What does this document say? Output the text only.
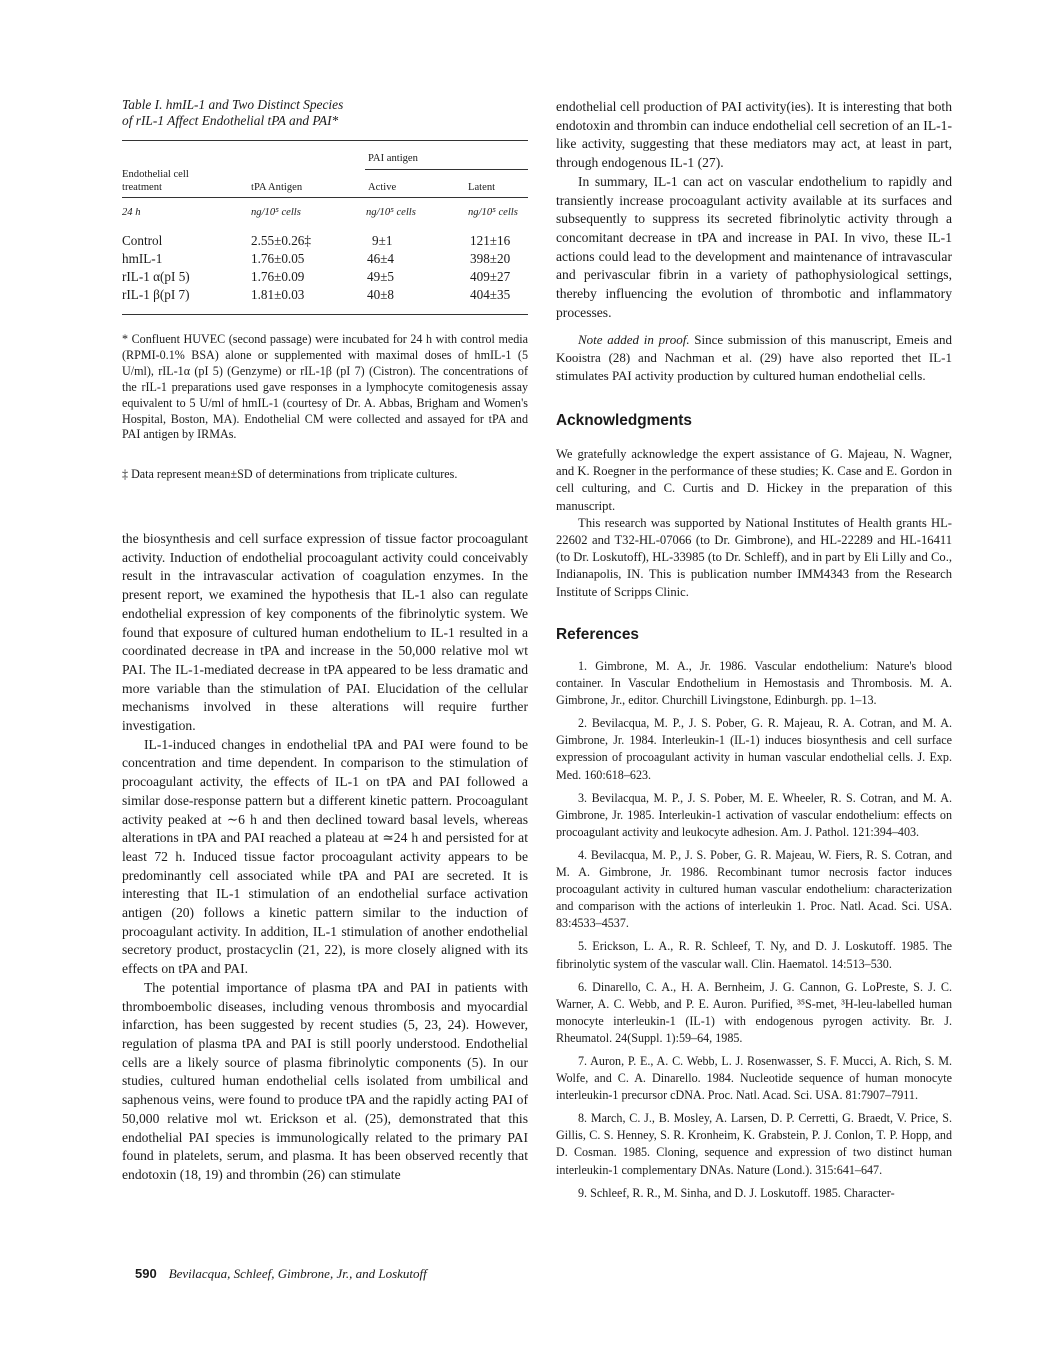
Table I. hmIL-1 and Two Distinct Species
of rIL-1 Affect Endothelial tPA and PAI*
Endothelial cell
treatment	tPA Antigen
PAI antigen
Active	Latent
24 h	ng/10⁵ cells	ng/10⁵ cells	ng/10⁵ cells
Control	2.55±0.26‡	9±1	121±16
hmIL-1	1.76±0.05	46±4	398±20
rIL-1 α(pI 5)	1.76±0.09	49±5	409±27
rIL-1 β(pI 7)	1.81±0.03	40±8	404±35
* Confluent HUVEC (second passage) were incubated for 24 h with control media (RPMI-0.1% BSA) alone or supplemented with maximal doses of hmIL-1 (5 U/ml), rIL-1α (pI 5) (Genzyme) or rIL-1β (pI 7) (Cistron). The concentrations of the rIL-1 preparations used gave responses in a lymphocyte comitogenesis assay equivalent to 5 U/ml of hmIL-1 (courtesy of Dr. A. Abbas, Brigham and Women's Hospital, Boston, MA). Endothelial CM were collected and assayed for tPA and PAI antigen by IRMAs.
‡ Data represent mean±SD of determinations from triplicate cultures.

the biosynthesis and cell surface expression of tissue factor procoagulant activity. Induction of endothelial procoagulant activity could conceivably result in the intravascular activation of coagulation enzymes. In the present report, we examined the hypothesis that IL-1 also can regulate endothelial expression of key components of the fibrinolytic system. We found that exposure of cultured human endothelium to IL-1 resulted in a coordinated decrease in tPA and increase in the 50,000 relative mol wt PAI. The IL-1-mediated decrease in tPA appeared to be less dramatic and more variable than the stimulation of PAI. Elucidation of the cellular mechanisms involved in these alterations will require further investigation.

IL-1-induced changes in endothelial tPA and PAI were found to be concentration and time dependent. In comparison to the stimulation of procoagulant activity, the effects of IL-1 on tPA and PAI followed a similar dose-response pattern but a different kinetic pattern. Procoagulant activity peaked at ∼6 h and then declined toward basal levels, whereas alterations in tPA and PAI reached a plateau at ≃24 h and persisted for at least 72 h. Induced tissue factor procoagulant activity appears to be predominantly cell associated while tPA and PAI are secreted. It is interesting that IL-1 stimulation of an endothelial surface activation antigen (20) follows a kinetic pattern similar to the induction of procoagulant activity. In addition, IL-1 stimulation of another endothelial secretory product, prostacyclin (21, 22), is more closely aligned with its effects on tPA and PAI.

The potential importance of plasma tPA and PAI in patients with thromboembolic diseases, including venous thrombosis and myocardial infarction, has been suggested by recent studies (5, 23, 24). However, regulation of plasma tPA and PAI is still poorly understood. Endothelial cells are a likely source of plasma fibrinolytic components (5). In our studies, cultured human endothelial cells isolated from umbilical and saphenous veins, were found to produce tPA and the rapidly acting PAI of 50,000 relative mol wt. Erickson et al. (25), demonstrated that this endothelial PAI species is immunologically related to the primary PAI found in platelets, serum, and plasma. It has been observed recently that endotoxin (18, 19) and thrombin (26) can stimulate

endothelial cell production of PAI activity(ies). It is interesting that both endotoxin and thrombin can induce endothelial cell secretion of an IL-1-like activity, suggesting that these mediators may act, at least in part, through endogenous IL-1 (27).

In summary, IL-1 can act on vascular endothelium to rapidly and transiently increase procoagulant activity available at its surfaces and subsequently to suppress its secreted fibrinolytic activity through a concomitant decrease in tPA and increase in PAI. In vivo, these IL-1 actions could lead to the development and maintenance of intravascular and perivascular fibrin in a variety of pathophysiological settings, thereby influencing the evolution of thrombotic and inflammatory processes.

Note added in proof. Since submission of this manuscript, Emeis and Kooistra (28) and Nachman et al. (29) have also reported thet IL-1 stimulates PAI activity production by cultured human endothelial cells.

Acknowledgments

We gratefully acknowledge the expert assistance of G. Majeau, N. Wagner, and K. Roegner in the performance of these studies; K. Case and E. Gordon in cell culturing, and C. Curtis and D. Hickey in the preparation of this manuscript.

This research was supported by National Institutes of Health grants HL-22602 and T32-HL-07066 (to Dr. Gimbrone), and HL-22289 and HL-16411 (to Dr. Loskutoff), HL-33985 (to Dr. Schleff), and in part by Eli Lilly and Co., Indianapolis, IN. This is publication number IMM4343 from the Research Institute of Scripps Clinic.

References

1. Gimbrone, M. A., Jr. 1986. Vascular endothelium: Nature's blood container. In Vascular Endothelium in Hemostasis and Thrombosis. M. A. Gimbrone, Jr., editor. Churchill Livingstone, Edinburgh. pp. 1–13.

2. Bevilacqua, M. P., J. S. Pober, G. R. Majeau, R. A. Cotran, and M. A. Gimbrone, Jr. 1984. Interleukin-1 (IL-1) induces biosynthesis and cell surface expression of procoagulant activity in human vascular endothelial cells. J. Exp. Med. 160:618–623.

3. Bevilacqua, M. P., J. S. Pober, M. E. Wheeler, R. S. Cotran, and M. A. Gimbrone, Jr. 1985. Interleukin-1 activation of vascular endothelium: effects on procoagulant activity and leukocyte adhesion. Am. J. Pathol. 121:394–403.

4. Bevilacqua, M. P., J. S. Pober, G. R. Majeau, W. Fiers, R. S. Cotran, and M. A. Gimbrone, Jr. 1986. Recombinant tumor necrosis factor induces procoagulant activity in cultured human vascular endothelium: characterization and comparison with the actions of interleukin 1. Proc. Natl. Acad. Sci. USA. 83:4533–4537.

5. Erickson, L. A., R. R. Schleef, T. Ny, and D. J. Loskutoff. 1985. The fibrinolytic system of the vascular wall. Clin. Haematol. 14:513–530.

6. Dinarello, C. A., H. A. Bernheim, J. G. Cannon, G. LoPreste, S. J. C. Warner, A. C. Webb, and P. E. Auron. Purified, ³⁵S-met, ³H-leu-labelled human monocyte interleukin-1 (IL-1) with endogenous pyrogen activity. Br. J. Rheumatol. 24(Suppl. 1):59–64, 1985.

7. Auron, P. E., A. C. Webb, L. J. Rosenwasser, S. F. Mucci, A. Rich, S. M. Wolfe, and C. A. Dinarello. 1984. Nucleotide sequence of human monocyte interleukin-1 precursor cDNA. Proc. Natl. Acad. Sci. USA. 81:7907–7911.

8. March, C. J., B. Mosley, A. Larsen, D. P. Cerretti, G. Braedt, V. Price, S. Gillis, C. S. Henney, S. R. Kronheim, K. Grabstein, P. J. Conlon, T. P. Hopp, and D. Cosman. 1985. Cloning, sequence and expression of two distinct human interleukin-1 complementary DNAs. Nature (Lond.). 315:641–647.

9. Schleef, R. R., M. Sinha, and D. J. Loskutoff. 1985. Character-

590 Bevilacqua, Schleef, Gimbrone, Jr., and Loskutoff
